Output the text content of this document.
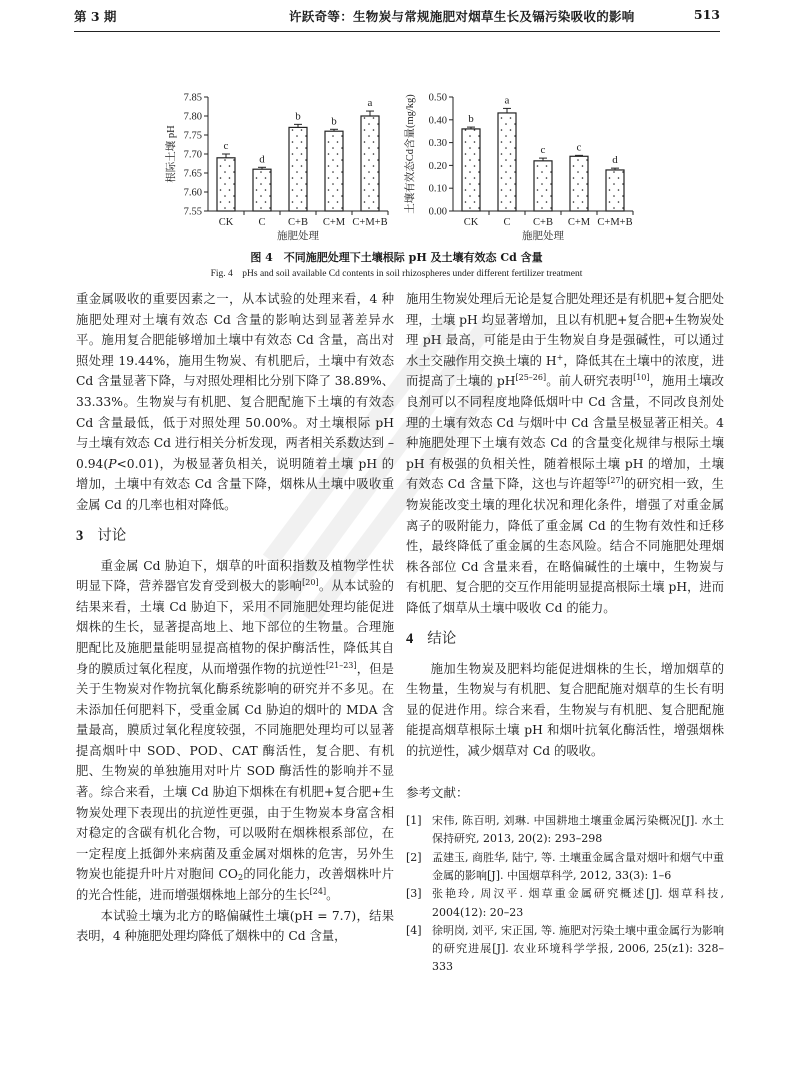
第 3 期	许跃奇等：生物炭与常规施肥对烟草生长及镉污染吸收的影响	513
7.55
7.60
7.65
7.70
7.75
7.80
7.85
c
CK
d
C
b
C+B
b
C+M
a
C+M+B
施肥处理
根际土壤 pH
0.00
0.10
0.20
0.30
0.40
0.50
b
CK
a
C
c
C+B
c
C+M
d
C+M+B
施肥处理
土壤有效态Cd含量(mg/kg)
图 4　不同施肥处理下土壤根际 pH 及土壤有效态 Cd 含量
Fig. 4　pHs and soil available Cd contents in soil rhizospheres under different fertilizer treatment

重金属吸收的重要因素之一，从本试验的处理来看，4 种施肥处理对土壤有效态 Cd 含量的影响达到显著差异水平。施用复合肥能够增加土壤中有效态 Cd 含量，高出对照处理 19.44%，施用生物炭、有机肥后，土壤中有效态 Cd 含量显著下降，与对照处理相比分别下降了 38.89%、33.33%。生物炭与有机肥、复合肥配施下土壤的有效态 Cd 含量最低，低于对照处理 50.00%。对土壤根际 pH 与土壤有效态 Cd 进行相关分析发现，两者相关系数达到 –0.94(P<0.01)，为极显著负相关，说明随着土壤 pH 的增加，土壤中有效态 Cd 含量下降，烟株从土壤中吸收重金属 Cd 的几率也相对降低。

3 讨论

重金属 Cd 胁迫下，烟草的叶面积指数及植物学性状明显下降，营养器官发育受到极大的影响[20]。从本试验的结果来看，土壤 Cd 胁迫下，采用不同施肥处理均能促进烟株的生长，显著提高地上、地下部位的生物量。合理施肥配比及施肥量能明显提高植物的保护酶活性，降低其自身的膜质过氧化程度，从而增强作物的抗逆性[21–23]，但是关于生物炭对作物抗氧化酶系统影响的研究并不多见。在未添加任何肥料下，受重金属 Cd 胁迫的烟叶的 MDA 含量最高，膜质过氧化程度较强，不同施肥处理均可以显著提高烟叶中 SOD、POD、CAT 酶活性，复合肥、有机肥、生物炭的单独施用对叶片 SOD 酶活性的影响并不显著。综合来看，土壤 Cd 胁迫下烟株在有机肥+复合肥+生物炭处理下表现出的抗逆性更强，由于生物炭本身富含相对稳定的含碳有机化合物，可以吸附在烟株根系部位，在一定程度上抵御外来病菌及重金属对烟株的危害，另外生物炭也能提升叶片对胞间 $CO_2$的同化能力，改善烟株叶片的光合性能，进而增强烟株地上部分的生长[24]。

本试验土壤为北方的略偏碱性土壤(pH = 7.7)，结果表明，4 种施肥处理均降低了烟株中的 Cd 含量，

施用生物炭处理后无论是复合肥处理还是有机肥+复合肥处理，土壤 pH 均显著增加，且以有机肥+复合肥+生物炭处理 pH 最高，可能是由于生物炭自身是强碱性，可以通过水土交融作用交换土壤的 H+，降低其在土壤中的浓度，进而提高了土壤的 pH[25–26]。前人研究表明[10]，施用土壤改良剂可以不同程度地降低烟叶中 Cd 含量，不同改良剂处理的土壤有效态 Cd 与烟叶中 Cd 含量呈极显著正相关。4 种施肥处理下土壤有效态 Cd 的含量变化规律与根际土壤 pH 有极强的负相关性，随着根际土壤 pH 的增加，土壤有效态 Cd 含量下降，这也与许超等[27]的研究相一致，生物炭能改变土壤的理化状况和理化条件，增强了对重金属离子的吸附能力，降低了重金属 Cd 的生物有效性和迁移性，最终降低了重金属的生态风险。结合不同施肥处理烟株各部位 Cd 含量来看，在略偏碱性的土壤中，生物炭与有机肥、复合肥的交互作用能明显提高根际土壤 pH，进而降低了烟草从土壤中吸收 Cd 的能力。

4 结论

施加生物炭及肥料均能促进烟株的生长，增加烟草的生物量，生物炭与有机肥、复合肥配施对烟草的生长有明显的促进作用。综合来看，生物炭与有机肥、复合肥配施能提高烟草根际土壤 pH 和烟叶抗氧化酶活性，增强烟株的抗逆性，减少烟草对 Cd 的吸收。

参考文献：

[1] 宋伟, 陈百明, 刘琳. 中国耕地土壤重金属污染概况[J]. 水土保持研究, 2013, 20(2): 293–298
[2] 孟建玉, 商胜华, 陆宁, 等. 土壤重金属含量对烟叶和烟气中重金属的影响[J]. 中国烟草科学, 2012, 33(3): 1–6
[3] 张艳玲, 周汉平. 烟草重金属研究概述[J]. 烟草科技, 2004(12): 20–23
[4] 徐明岗, 刘平, 宋正国, 等. 施肥对污染土壤中重金属行为影响的研究进展[J]. 农业环境科学学报, 2006, 25(z1): 328–333
